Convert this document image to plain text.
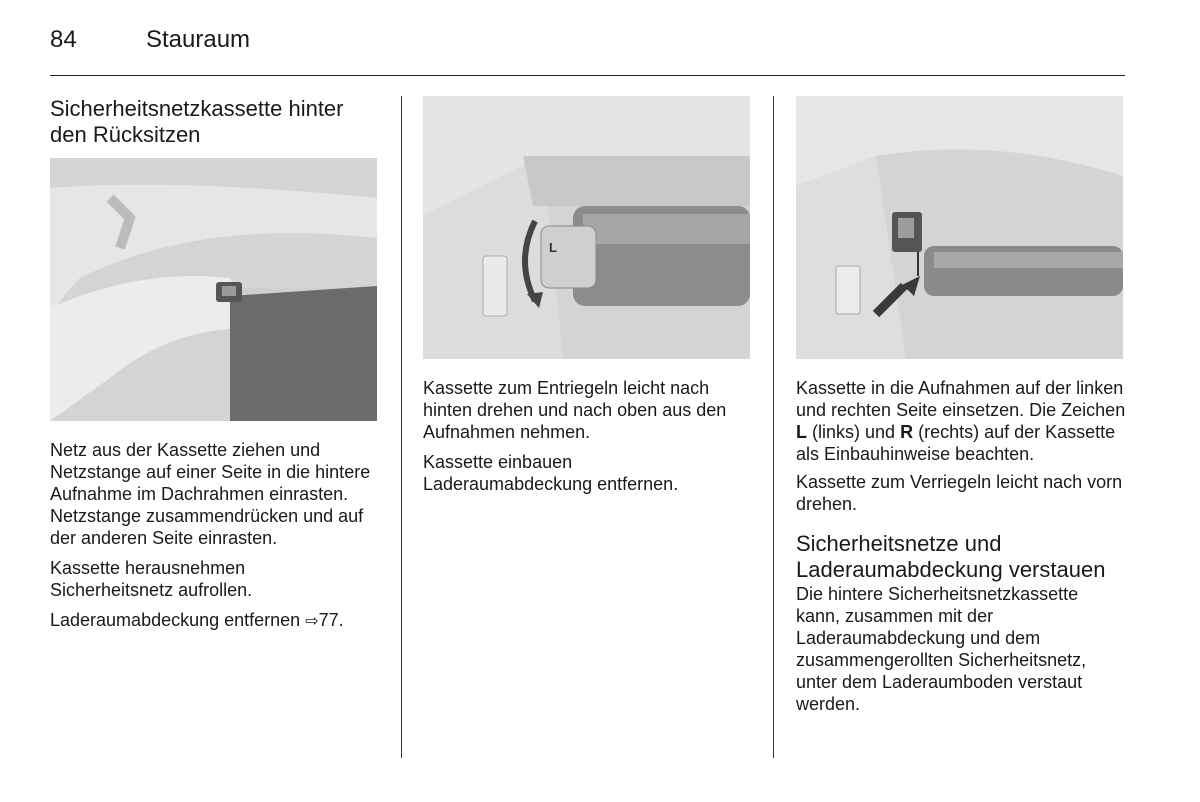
84	Stauraum
Sicherheitsnetzkassette hinter den Rücksitzen

Netz aus der Kassette ziehen und Netzstange auf einer Seite in die hintere Aufnahme im Dachrahmen einrasten. Netzstange zusammendrücken und auf der anderen Seite einrasten.

Kassette herausnehmen

Sicherheitsnetz aufrollen.

Laderaumabdeckung entfernen ⇨77.

L

Kassette zum Entriegeln leicht nach hinten drehen und nach oben aus den Aufnahmen nehmen.

Kassette einbauen

Laderaumabdeckung entfernen.

Kassette in die Aufnahmen auf der linken und rechten Seite einsetzen. Die Zeichen L (links) und R (rechts) auf der Kassette als Einbauhinweise beachten.

Kassette zum Verriegeln leicht nach vorn drehen.

Sicherheitsnetze und Laderaumabdeckung verstauen

Die hintere Sicherheitsnetzkassette kann, zusammen mit der Laderaumabdeckung und dem zusammengerollten Sicherheitsnetz, unter dem Laderaumboden verstaut werden.
